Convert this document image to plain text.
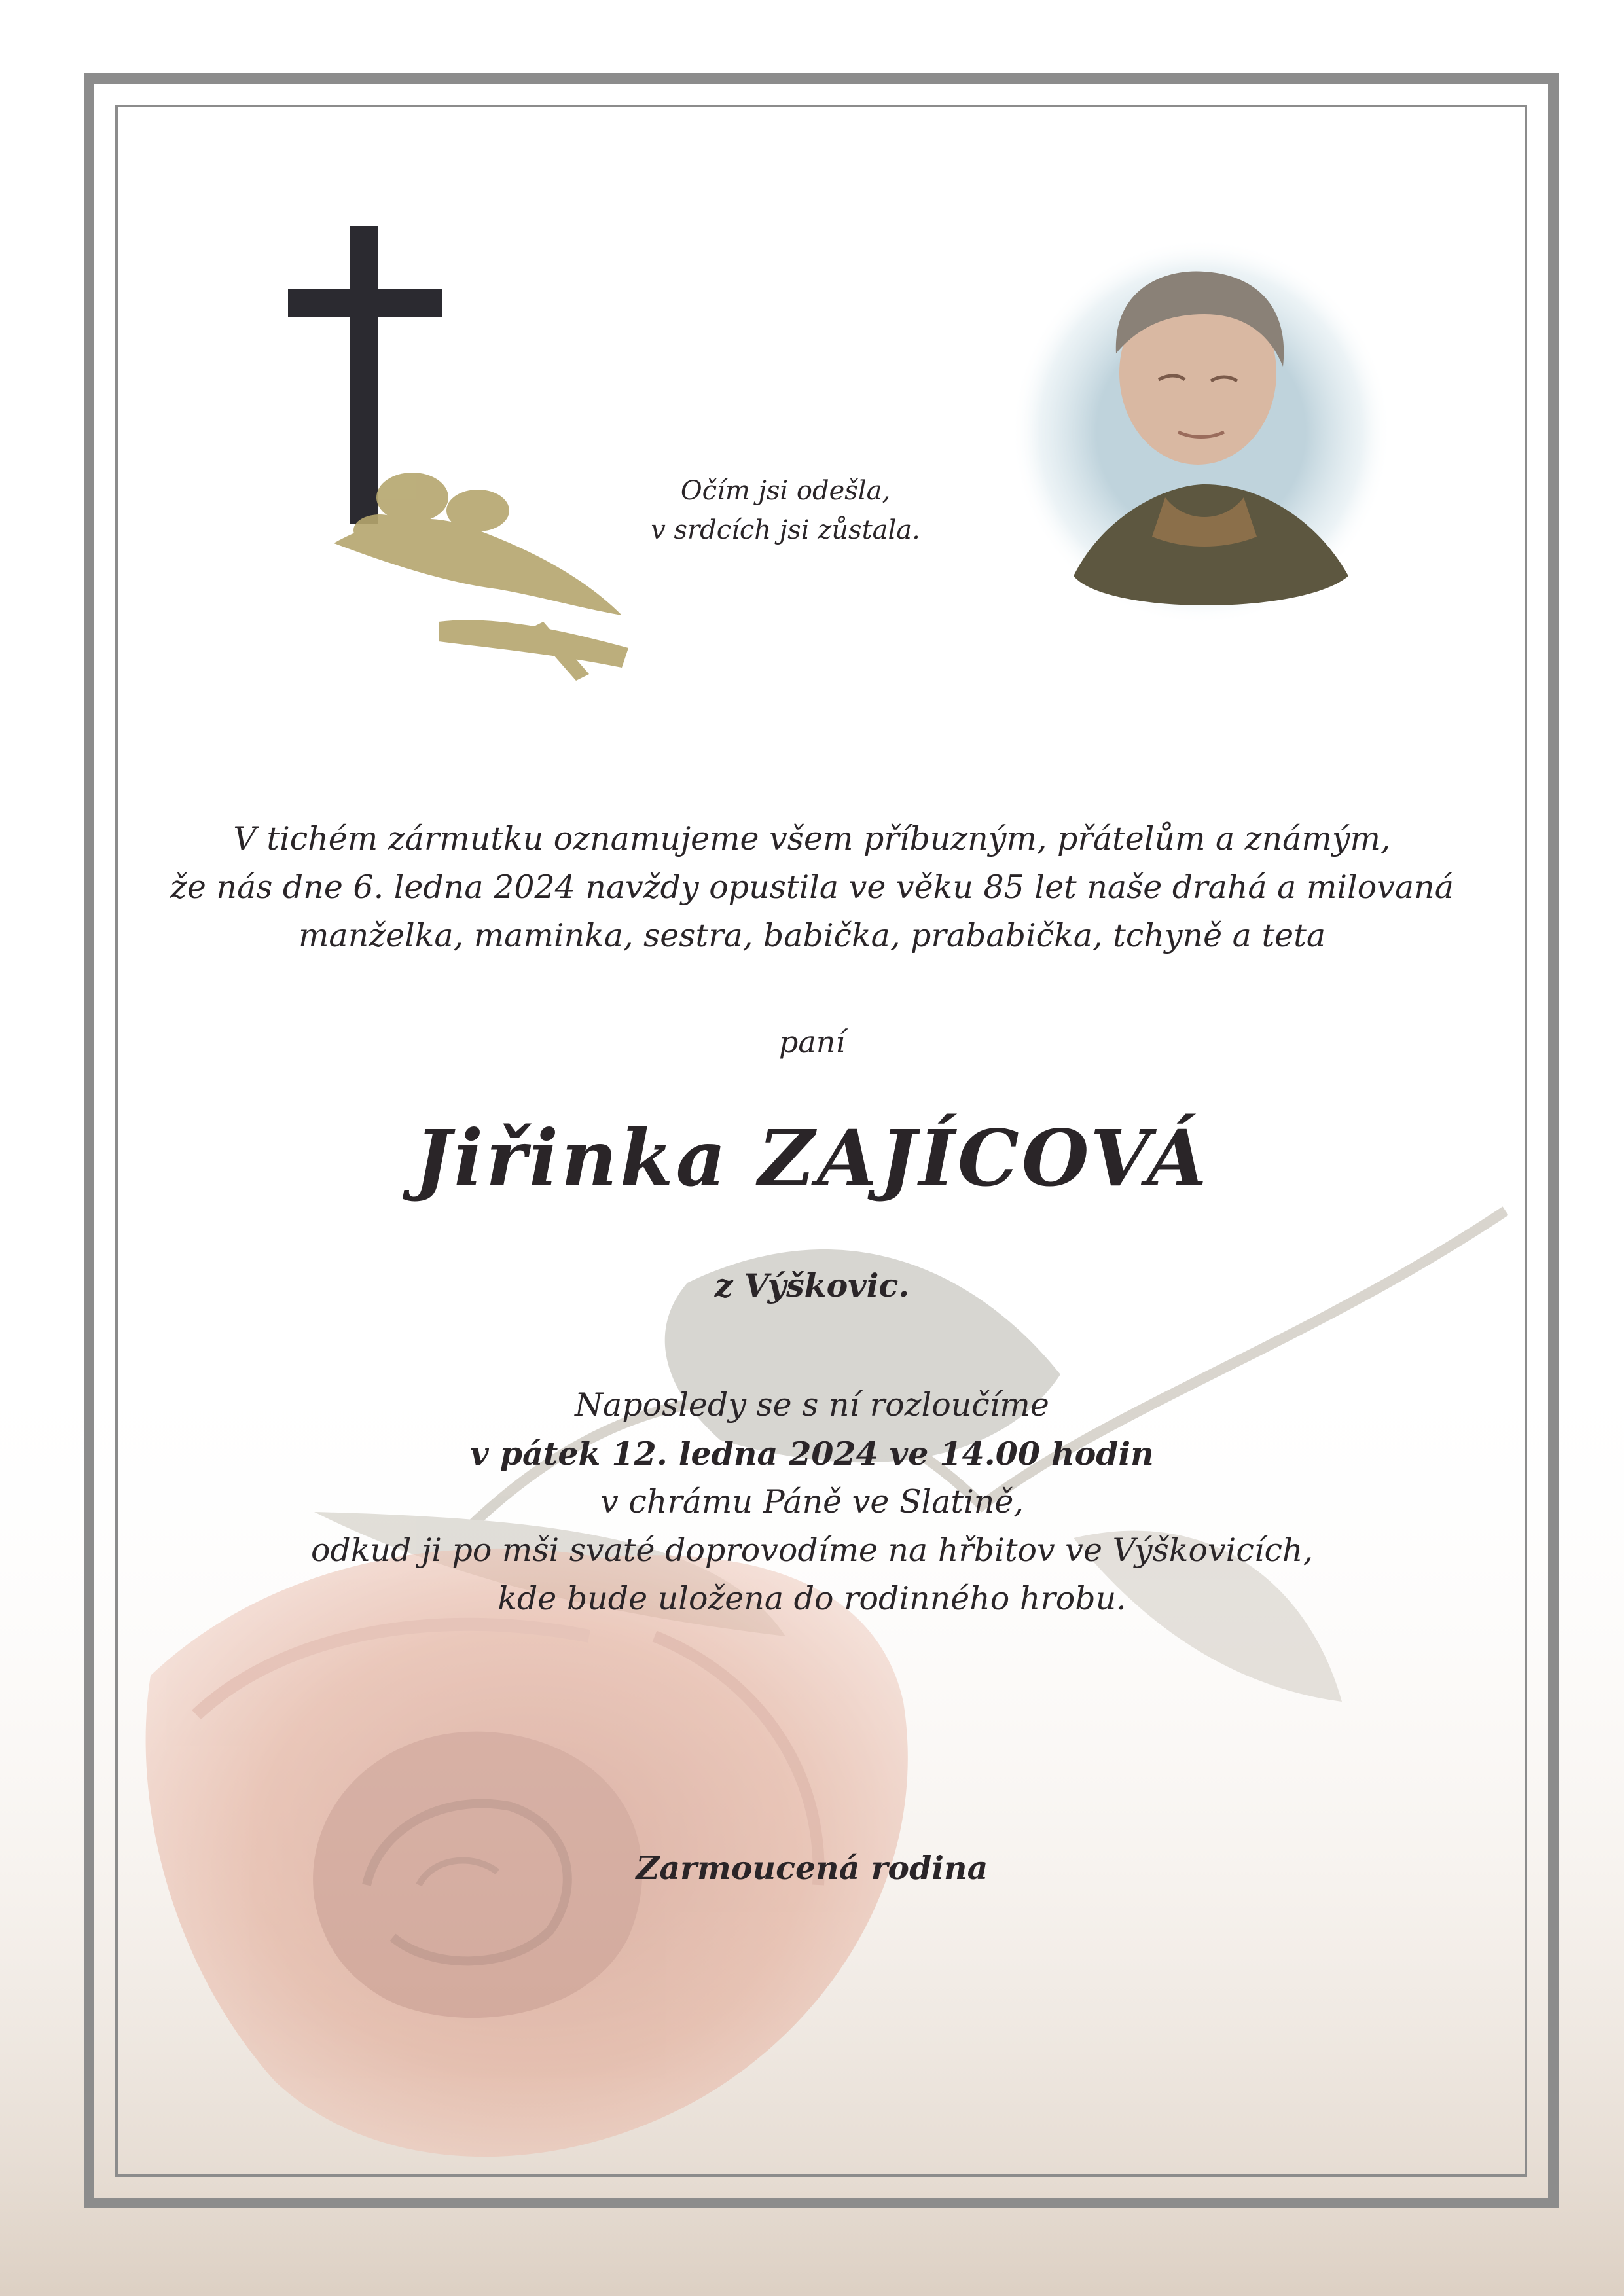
Očím jsi odešla,
v srdcích jsi zůstala.
V tichém zármutku oznamujeme všem příbuzným, přátelům a známým,
že nás dne 6. ledna 2024 navždy opustila ve věku 85 let naše drahá a milovaná
manželka, maminka, sestra, babička, prababička, tchyně a teta
paní
Jiřinka ZAJÍCOVÁ
z Výškovic.
Naposledy se s ní rozloučíme
v pátek 12. ledna 2024 ve 14.00 hodin
v chrámu Páně ve Slatině,
odkud ji po mši svaté doprovodíme na hřbitov ve Výškovicích,
kde bude uložena do rodinného hrobu.
Zarmoucená rodina
